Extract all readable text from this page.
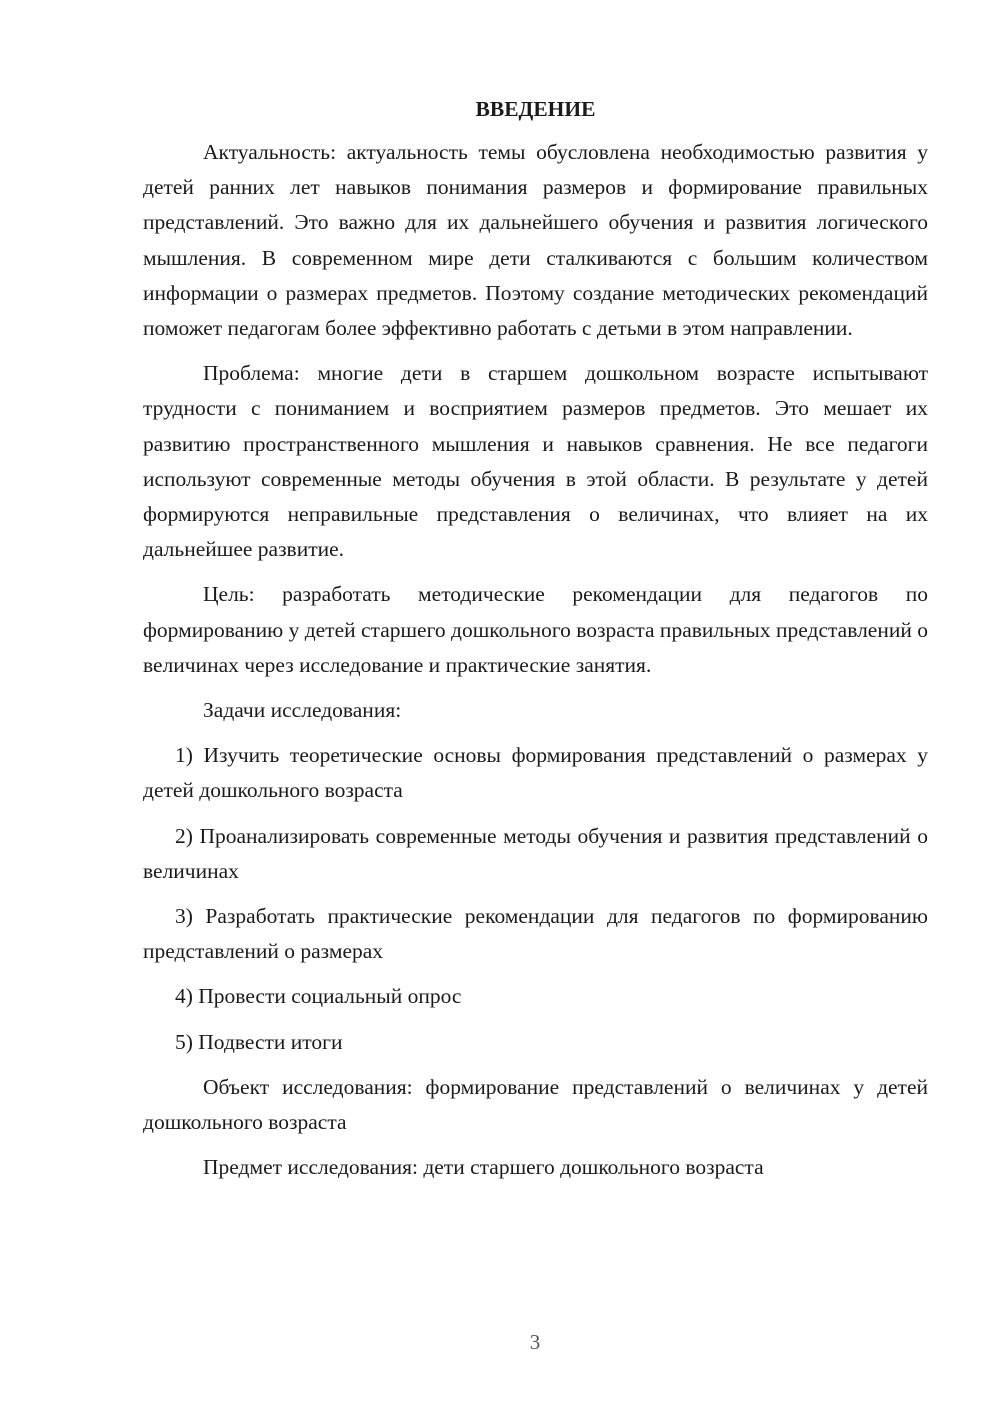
ВВЕДЕНИЕ

Актуальность: актуальность темы обусловлена необходимостью развития у детей ранних лет навыков понимания размеров и формирование правильных представлений. Это важно для их дальнейшего обучения и развития логического мышления. В современном мире дети сталкиваются с большим количеством информации о размерах предметов. Поэтому создание методических рекомендаций поможет педагогам более эффективно работать с детьми в этом направлении.

Проблема: многие дети в старшем дошкольном возрасте испытывают трудности с пониманием и восприятием размеров предметов. Это мешает их развитию пространственного мышления и навыков сравнения. Не все педагоги используют современные методы обучения в этой области. В результате у детей формируются неправильные представления о величинах, что влияет на их дальнейшее развитие.

Цель: разработать методические рекомендации для педагогов по формированию у детей старшего дошкольного возраста правильных представлений о величинах через исследование и практические занятия.

Задачи исследования:

1) Изучить теоретические основы формирования представлений о размерах у детей дошкольного возраста

2) Проанализировать современные методы обучения и развития представлений о величинах

3) Разработать практические рекомендации для педагогов по формированию представлений о размерах

4) Провести социальный опрос

5) Подвести итоги

Объект исследования: формирование представлений о величинах у детей дошкольного возраста

Предмет исследования: дети старшего дошкольного возраста

3
